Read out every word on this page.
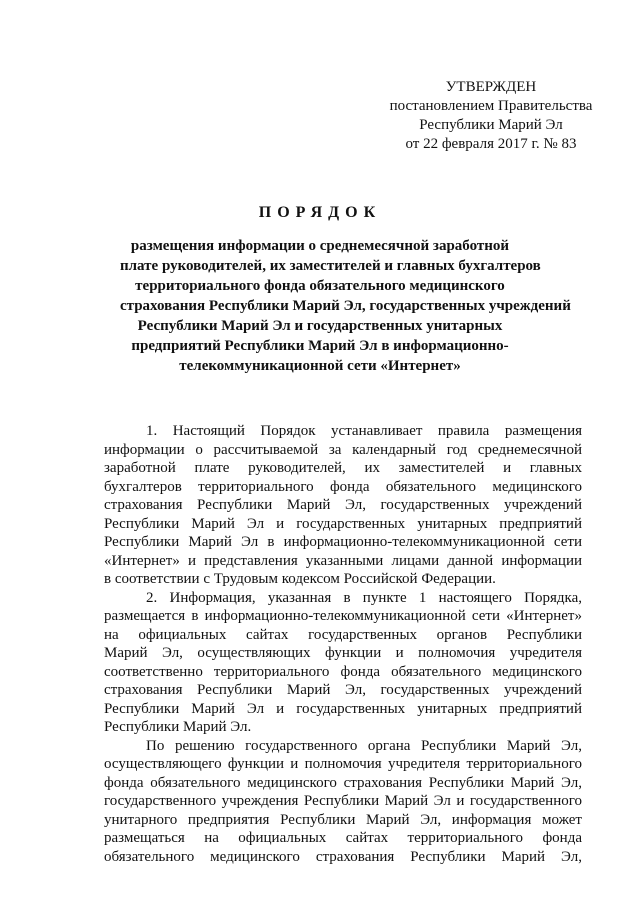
УТВЕРЖДЕН
постановлением Правительства
Республики Марий Эл
от 22 февраля 2017 г. № 83
ПОРЯДОК
размещения информации о среднемесячной заработной
плате руководителей, их заместителей и главных бухгалтеров
территориального фонда обязательного медицинского
страхования Республики Марий Эл, государственных учреждений
Республики Марий Эл и государственных унитарных
предприятий Республики Марий Эл в информационно-
телекоммуникационной сети «Интернет»

1. Настоящий Порядок устанавливает правила размещения
информации о рассчитываемой за календарный год среднемесячной
заработной плате руководителей, их заместителей и главных
бухгалтеров территориального фонда обязательного медицинского
страхования Республики Марий Эл, государственных учреждений
Республики Марий Эл и государственных унитарных предприятий
Республики Марий Эл в информационно-телекоммуникационной сети
«Интернет» и представления указанными лицами данной информации
в соответствии с Трудовым кодексом Российской Федерации.

2. Информация, указанная в пункте 1 настоящего Порядка,
размещается в информационно-телекоммуникационной сети «Интернет»
на официальных сайтах государственных органов Республики
Марий Эл, осуществляющих функции и полномочия учредителя
соответственно территориального фонда обязательного медицинского
страхования Республики Марий Эл, государственных учреждений
Республики Марий Эл и государственных унитарных предприятий
Республики Марий Эл.

По решению государственного органа Республики Марий Эл,
осуществляющего функции и полномочия учредителя территориального
фонда обязательного медицинского страхования Республики Марий Эл,
государственного учреждения Республики Марий Эл и государственного
унитарного предприятия Республики Марий Эл, информация может
размещаться на официальных сайтах территориального фонда
обязательного медицинского страхования Республики Марий Эл,
